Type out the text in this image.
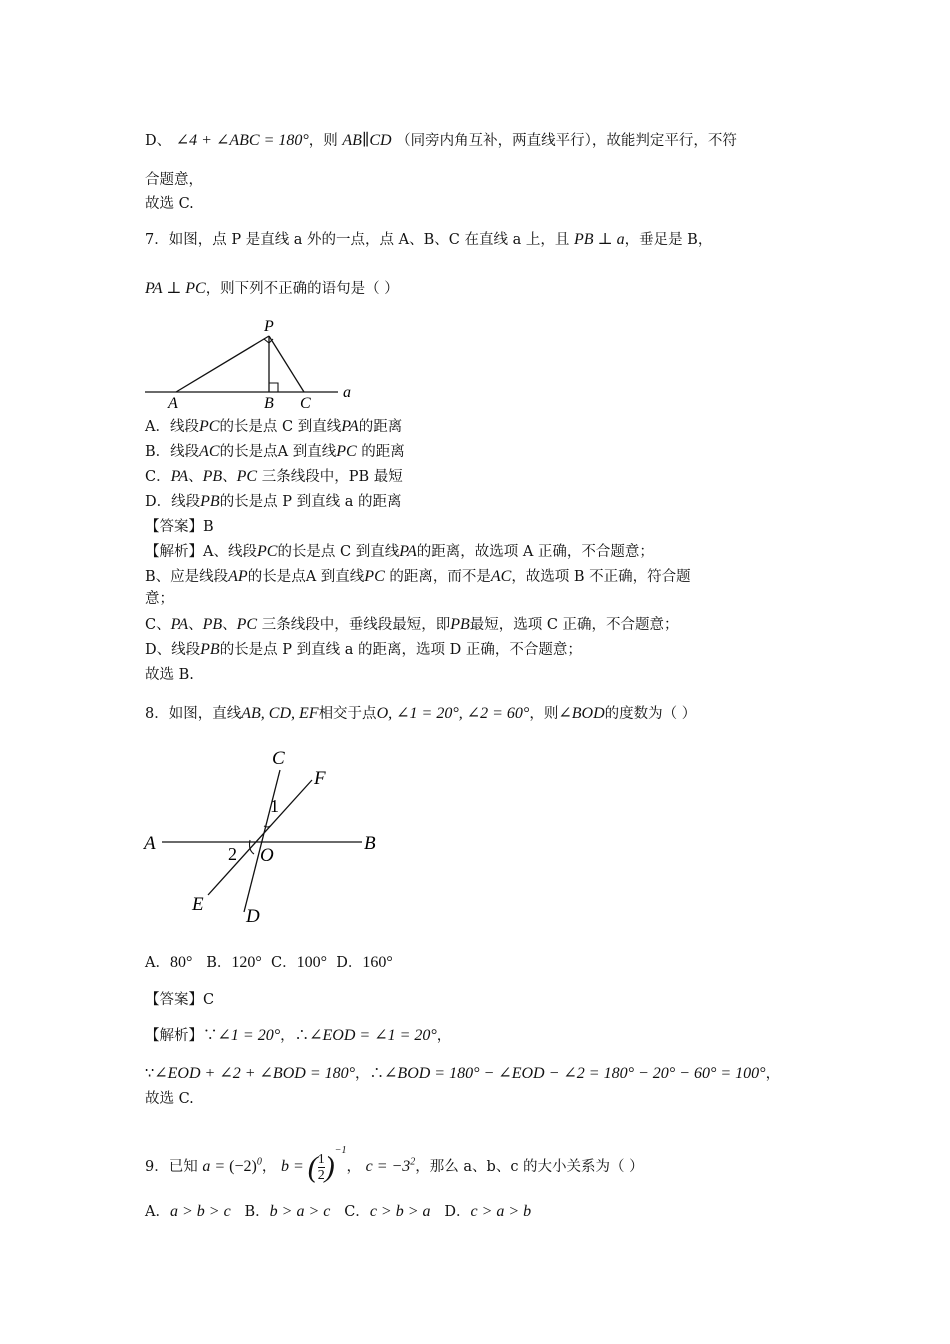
D、 ∠4 + ∠ABC = 180°，则 AB∥CD （同旁内角互补，两直线平行），故能判定平行，不符
合题意，
故选 C.
7．如图，点 P 是直线 a 外的一点，点 A、B、C 在直线 a 上，且 PB ⊥ a，垂足是 B，
PA ⊥ PC，则下列不正确的语句是（ ）
P
A	B C
a
A．线段PC的长是点 C 到直线PA的距离
B．线段AC的长是点A 到直线PC 的距离
C．PA、PB、PC 三条线段中，PB 最短
D．线段PB的长是点 P 到直线 a 的距离
【答案】B
【解析】A、线段PC的长是点 C 到直线PA的距离，故选项 A 正确，不合题意；
B、应是线段AP的长是点A 到直线PC 的距离，而不是AC，故选项 B 不正确，符合题
意；
C、PA、PB、PC 三条线段中，垂线段最短，即PB最短，选项 C 正确，不合题意；
D、线段PB的长是点 P 到直线 a 的距离，选项 D 正确，不合题意；
故选 B.
8．如图，直线AB, CD, EF相交于点O, ∠1 = 20°, ∠2 = 60°，则∠BOD的度数为（ ）
C
F
1
A	B
2 O
E
D
A．80° B．120° C．100° D．160°
【答案】C
【解析】∵∠1 = 20°，∴∠EOD = ∠1 = 20°，
∵∠EOD + ∠2 + ∠BOD = 180°，∴∠BOD = 180° − ∠EOD − ∠2 = 180° − 20° − 60° = 100°，
故选 C.
9．已知 $a = (-2)^0$， b = ( $\frac{1}{2} )^{-1}$， $c = -3^2$，那么 a、b、c 的大小关系为（ ）
A．a > b > c B．b > a > c C．c > b > a D．c > a > b
